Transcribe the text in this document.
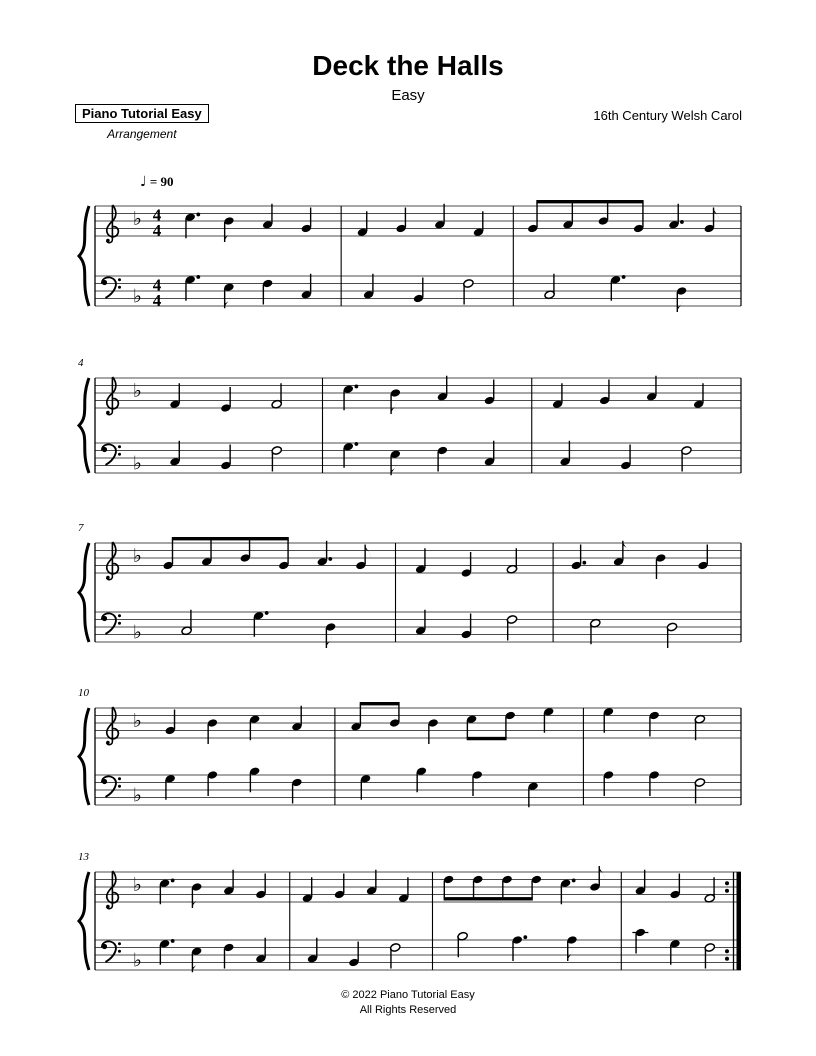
Deck the Halls
Easy
Piano Tutorial Easy
Arrangement
16th Century Welsh Carol
♩ = 90
♭
♭
4
4
4
4
4
♭
♭
7
♭
♭
10
♭
♭
13
♭
♭
© 2022 Piano Tutorial Easy
All Rights Reserved
